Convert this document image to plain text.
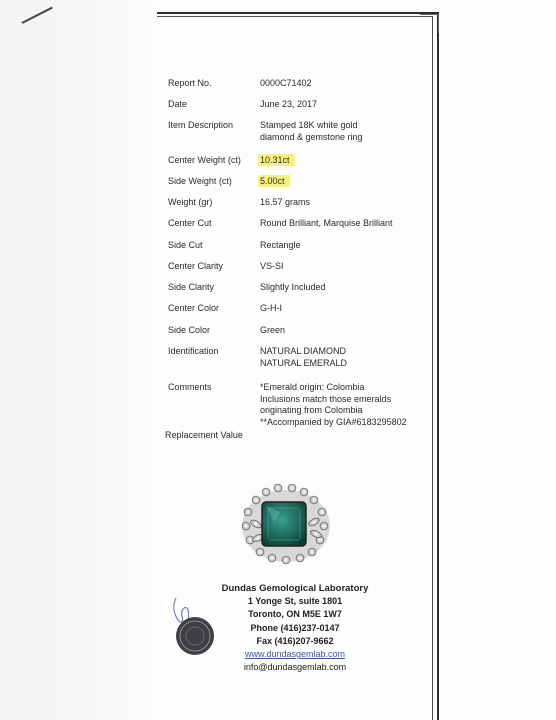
Report No.	0000C71402
Date	June 23, 2017
Item Description	Stamped 18K white gold
diamond & gemstone ring
Center Weight (ct)	10.31ct
Side Weight (ct)	5.00ct
Weight (gr)	16.57 grams
Center Cut	Round Brilliant, Marquise Brilliant
Side Cut	Rectangle
Center Clarity	VS-SI
Side Clarity	Slightly Included
Center Color	G-H-I
Side Color	Green
Identification	NATURAL DIAMOND
NATURAL EMERALD
Comments	*Emerald origin: Colombia
Inclusions match those emeralds
originating from Colombia
**Accompanied by GIA#6183295802
Replacement Value
Dundas Gemological Laboratory
1 Yonge St, suite 1801
Toronto, ON M5E 1W7
Phone (416)237-0147
Fax (416)207-9662
www.dundasgemlab.com
info@dundasgemlab.com
